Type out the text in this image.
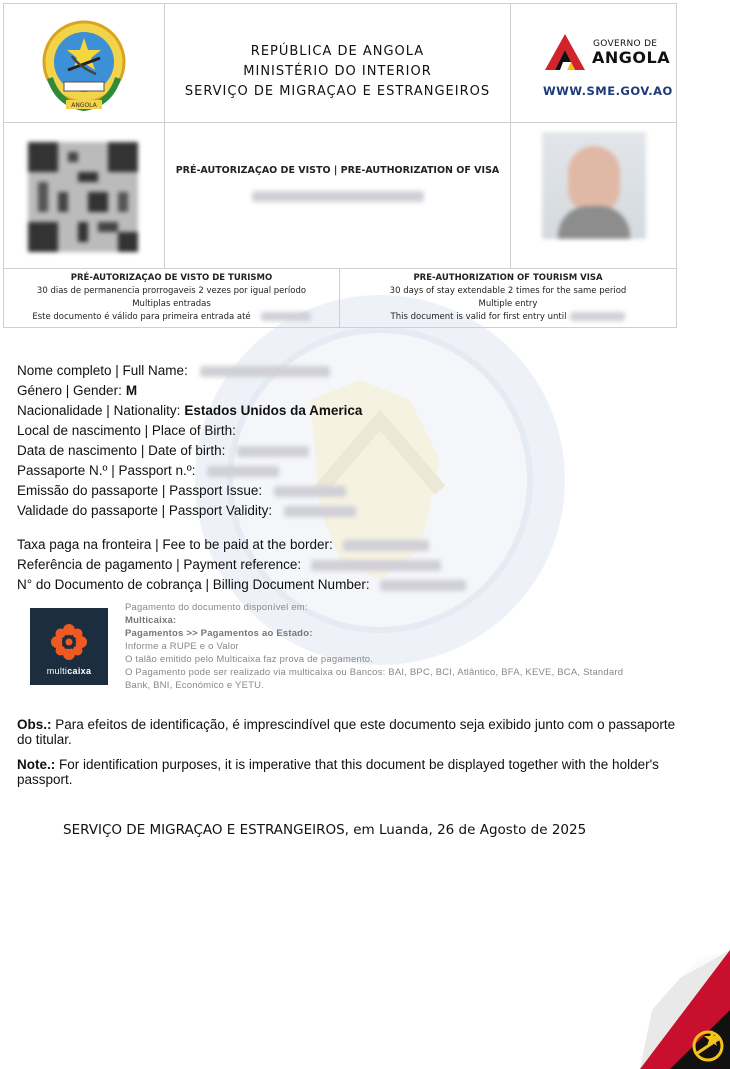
ANGOLA
REPÚBLICA DE ANGOLA
MINISTÉRIO DO INTERIOR
SERVIÇO DE MIGRAÇAO E ESTRANGEIROS
GOVERNO DE
ANGOLA
WWW.SME.GOV.AO
PRÉ-AUTORIZAÇAO DE VISTO | PRE-AUTHORIZATION OF VISA
PRÉ-AUTORIZAÇAO DE VISTO DE TURISMO
30 dias de permanencia prorrogaveis 2 vezes por igual período
Multiplas entradas
Este documento é válido para primeira entrada até
PRE-AUTHORIZATION OF TOURISM VISA
30 days of stay extendable 2 times for the same period
Multiple entry
This document is valid for first entry until
Nome completo | Full Name:
Género | Gender: M
Nacionalidade | Nationality: Estados Unidos da America
Local de nascimento | Place of Birth:
Data de nascimento | Date of birth:
Passaporte N.º | Passport n.º:
Emissão do passaporte | Passport Issue:
Validade do passaporte | Passport Validity:
Taxa paga na fronteira | Fee to be paid at the border:
Referência de pagamento | Payment reference:
N° do Documento de cobrança | Billing Document Number:
multicaixa
Pagamento do documento disponível em:
Multicaixa:
Pagamentos >> Pagamentos ao Estado:
Informe a RUPE e o Valor
O talão emitido pelo Multicaixa faz prova de pagamento.
O Pagamento pode ser realizado via multicaixa ou Bancos: BAI, BPC, BCI, Atlântico, BFA, KEVE, BCA, Standard
Bank, BNI, Económico e YETU.
Obs.: Para efeitos de identificação, é imprescindível que este documento seja exibido junto com o passaporte do titular.
Note.: For identification purposes, it is imperative that this document be displayed together with the holder's passport.
SERVIÇO DE MIGRAÇAO E ESTRANGEIROS, em Luanda, 26 de Agosto de 2025
